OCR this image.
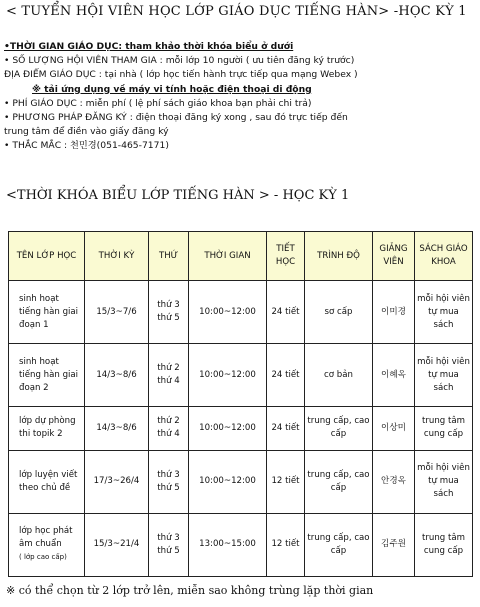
< TUYỂN HỘI VIÊN HỌC LỚP GIÁO DỤC TIẾNG HÀN> -HỌC KỲ 1
•THỜI GIAN GIÁO DỤC: tham khảo thời khóa biểu ở dưới
• SỐ LƯỢNG HỘI VIÊN THAM GIA : mỗi lớp 10 người ( ưu tiên đăng ký trước)
ĐỊA ĐIỂM GIÁO DỤC : tại nhà ( lớp học tiến hành trực tiếp qua mạng Webex )
※ tải ứng dụng về máy vi tính hoặc điện thoại di động
• PHÍ GIÁO DỤC : miễn phí ( lệ phí sách giáo khoa bạn phải chi trả)
• PHƯƠNG PHÁP ĐĂNG KÝ : điện thoại đăng ký xong , sau đó trực tiếp đến
trung tâm để điền vào giấy đăng ký
• THẮC MẮC : 천민경(051-465-7171)
<THỜI KHÓA BIỂU LỚP TIẾNG HÀN > - HỌC KỲ 1
TÊN LỚP HỌC	THỜI KỲ	THỨ	THỜI GIAN	TIẾT HỌC	TRÌNH ĐỘ	GIẢNG VIÊN	SÁCH GIÁO KHOA
sinh hoạt tiếng hàn giai đoạn 1	15/3~7/6	thứ 3 thứ 5	10:00~12:00	24 tiết	sơ cấp	이미경	mỗi hội viên tự mua sách
sinh hoạt tiếng hàn giai đoạn 2	14/3~8/6	thứ 2 thứ 4	10:00~12:00	24 tiết	cơ bản	이혜옥	mỗi hội viên tự mua sách
lớp dự phòng thi topik 2	14/3~8/6	thứ 2 thứ 4	10:00~12:00	24 tiết	trung cấp, cao cấp	이상미	trung tâm cung cấp
lớp luyện viết theo chủ đề	17/3~26/4	thứ 3 thứ 5	10:00~12:00	12 tiết	trung cấp, cao cấp	안경옥	mỗi hội viên tự mua sách
lớp học phát âm chuẩn
( lớp cao cấp)	15/3~21/4	thứ 3 thứ 5	13:00~15:00	12 tiết	trung cấp, cao cấp	김주원	trung tâm cung cấp
※ có thể chọn từ 2 lớp trở lên, miễn sao không trùng lặp thời gian
